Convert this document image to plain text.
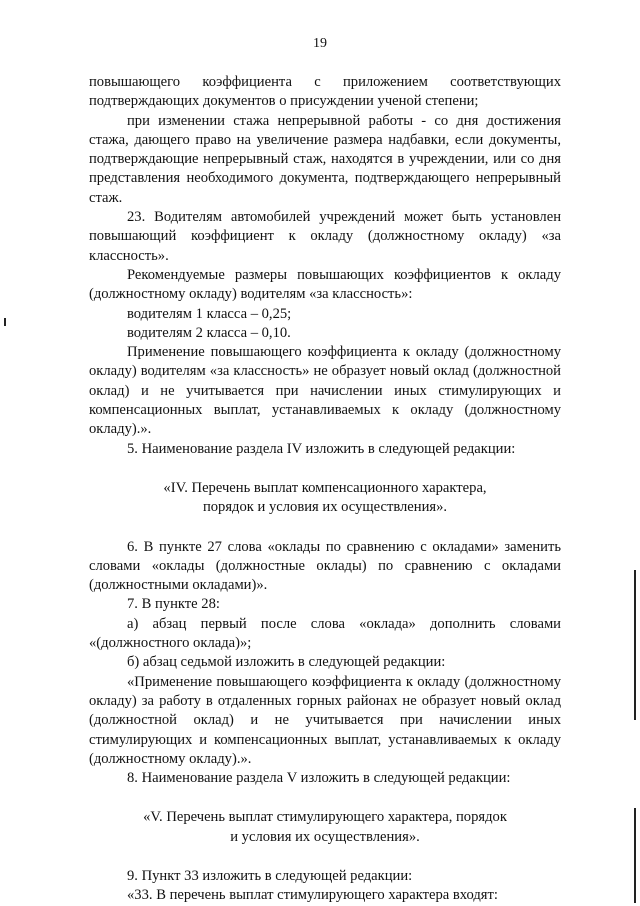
19

повышающего коэффициента с приложением соответствующих подтверждающих документов о присуждении ученой степени;

при изменении стажа непрерывной работы - со дня достижения стажа, дающего право на увеличение размера надбавки, если документы, подтверждающие непрерывный стаж, находятся в учреждении, или со дня представления необходимого документа, подтверждающего непрерывный стаж.

23. Водителям автомобилей учреждений может быть установлен повышающий коэффициент к окладу (должностному окладу) «за классность».

Рекомендуемые размеры повышающих коэффициентов к окладу (должностному окладу) водителям «за классность»:

водителям 1 класса – 0,25;

водителям 2 класса – 0,10.

Применение повышающего коэффициента к окладу (должностному окладу) водителям «за классность» не образует новый оклад (должностной оклад) и не учитывается при начислении иных стимулирующих и компенсационных выплат, устанавливаемых к окладу (должностному окладу).».

5. Наименование раздела IV изложить в следующей редакции:

«IV. Перечень выплат компенсационного характера,
порядок и условия их осуществления».

6. В пункте 27 слова «оклады по сравнению с окладами» заменить словами «оклады (должностные оклады) по сравнению с окладами (должностными окладами)».

7. В пункте 28:

а) абзац первый после слова «оклада» дополнить словами «(должностного оклада)»;

б) абзац седьмой изложить в следующей редакции:

«Применение повышающего коэффициента к окладу (должностному окладу) за работу в отдаленных горных районах не образует новый оклад (должностной оклад) и не учитывается при начислении иных стимулирующих и компенсационных выплат, устанавливаемых к окладу (должностному окладу).».

8. Наименование раздела V изложить в следующей редакции:

«V. Перечень выплат стимулирующего характера, порядок
и условия их осуществления».

9. Пункт 33 изложить в следующей редакции:

«33. В перечень выплат стимулирующего характера входят:
